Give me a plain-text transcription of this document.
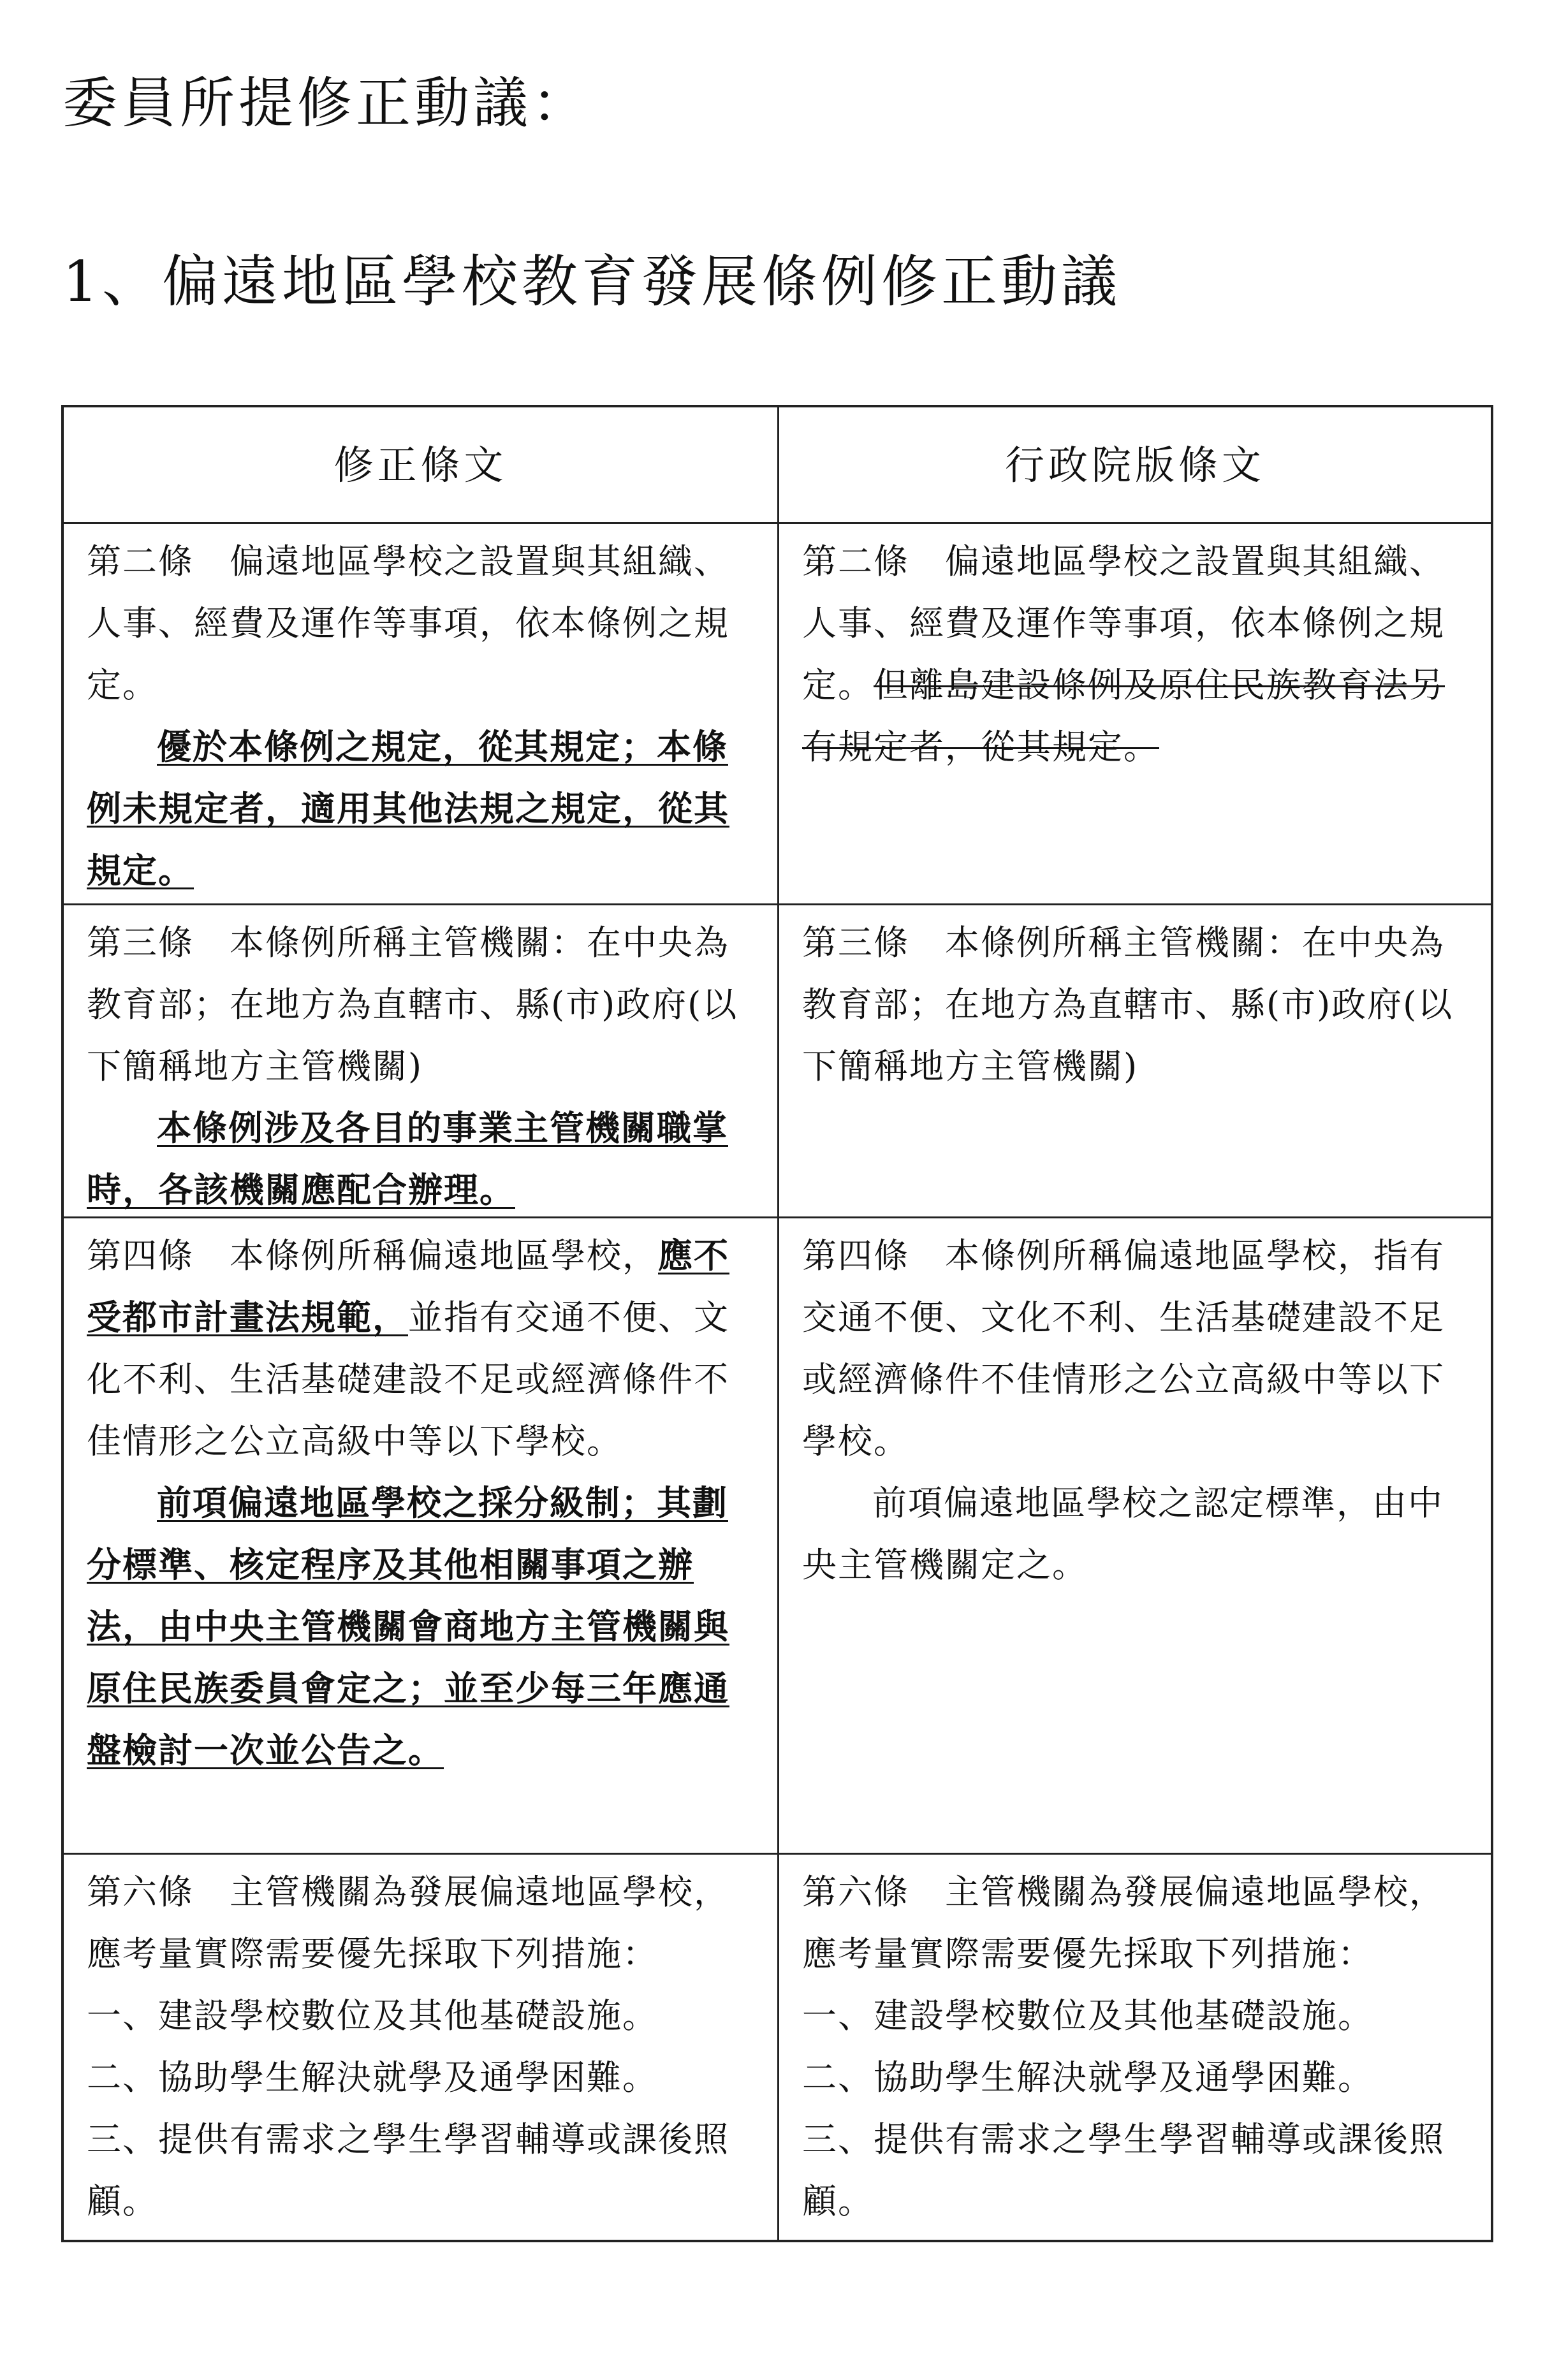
委員所提修正動議：
1、偏遠地區學校教育發展條例修正動議
修正條文	行政院版條文
第二條　偏遠地區學校之設置與其組織、人事、經費及運作等事項，依本條例之規定。
優於本條例之規定，從其規定；本條例未規定者，適用其他法規之規定，從其規定。
第二條　偏遠地區學校之設置與其組織、人事、經費及運作等事項，依本條例之規定。但離島建設條例及原住民族教育法另有規定者，從其規定。
第三條　本條例所稱主管機關：在中央為教育部；在地方為直轄市、縣(市)政府(以下簡稱地方主管機關)
本條例涉及各目的事業主管機關職掌時，各該機關應配合辦理。
第三條　本條例所稱主管機關：在中央為教育部；在地方為直轄市、縣(市)政府(以下簡稱地方主管機關)
第四條　本條例所稱偏遠地區學校，應不受都市計畫法規範，並指有交通不便、文化不利、生活基礎建設不足或經濟條件不佳情形之公立高級中等以下學校。
前項偏遠地區學校之採分級制；其劃分標準、核定程序及其他相關事項之辦法，由中央主管機關會商地方主管機關與原住民族委員會定之；並至少每三年應通盤檢討一次並公告之。
第四條　本條例所稱偏遠地區學校，指有交通不便、文化不利、生活基礎建設不足或經濟條件不佳情形之公立高級中等以下學校。
前項偏遠地區學校之認定標準，由中央主管機關定之。
第六條　主管機關為發展偏遠地區學校，應考量實際需要優先採取下列措施：
一、建設學校數位及其他基礎設施。
二、協助學生解決就學及通學困難。
三、提供有需求之學生學習輔導或課後照顧。
第六條　主管機關為發展偏遠地區學校，應考量實際需要優先採取下列措施：
一、建設學校數位及其他基礎設施。
二、協助學生解決就學及通學困難。
三、提供有需求之學生學習輔導或課後照顧。
